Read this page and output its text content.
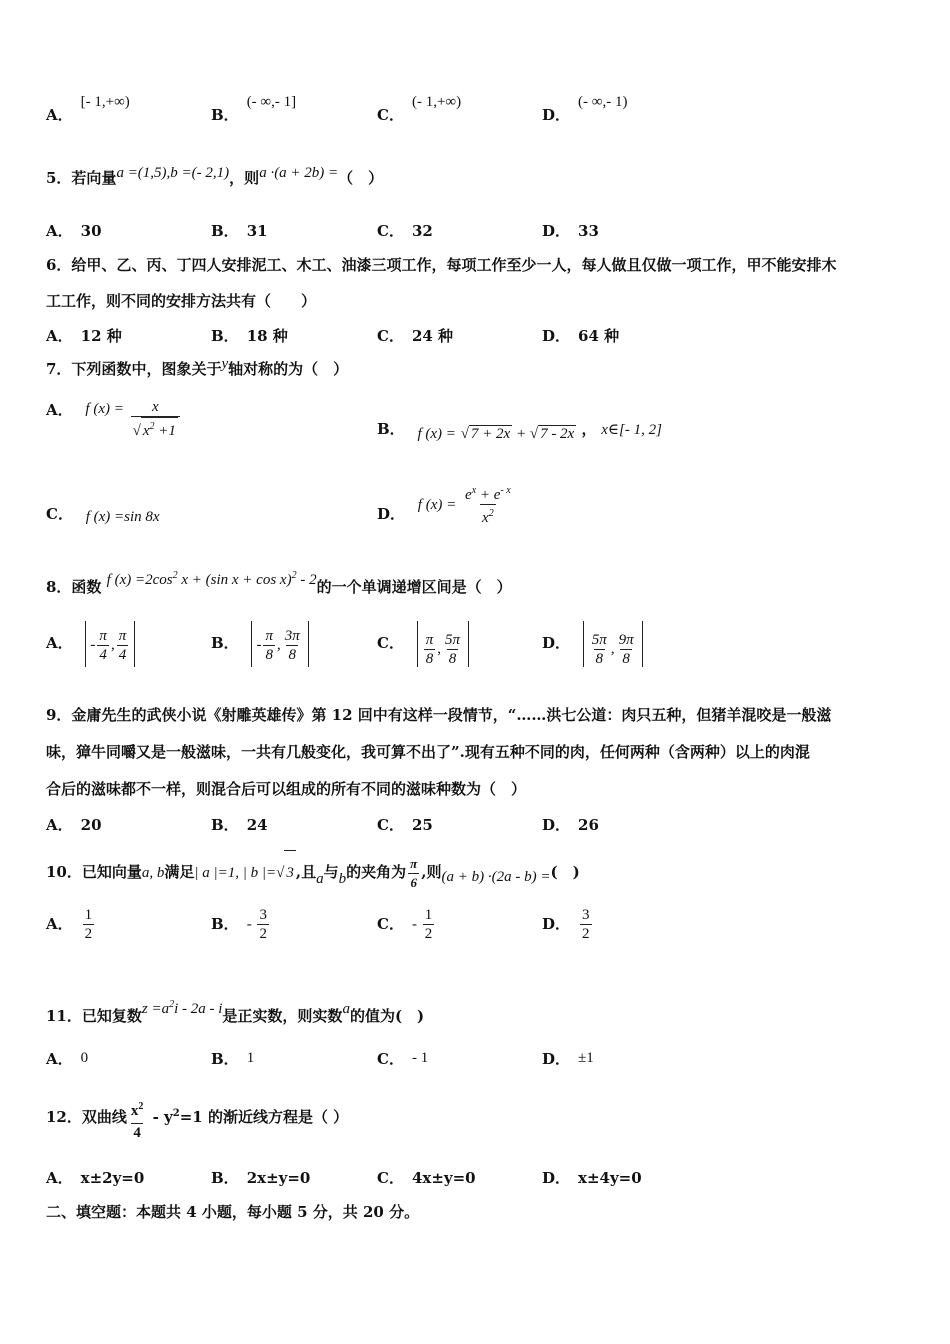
A．[- 1,+∞)
B．(- ∞,- 1]
C．(- 1,+∞)
D．(- ∞,- 1)
5．若向量a =(1,5),b =(- 2,1)，则a ·(a + 2b) =（　）
A． 30	B． 31	C． 32	D． 33
6．给甲、乙、丙、丁四人安排泥工、木工、油漆三项工作，每项工作至少一人，每人做且仅做一项工作，甲不能安排木
工工作，则不同的安排方法共有（　　）
A． 12 种	B． 18 种	C． 24 种	D． 64 种
7．下列函数中，图象关于y轴对称的为（　）
A． f $(x) = \frac{x}{√ x^2 +1}$	B． f (x) = √ 7 + 2x + √ 7 - 2x ， x∈[- 1, 2]
C． f (x) =sin 8x	D． f $(x) = \frac{e^x + e^{- x}}{x^2}$
8．函数 f $(x) =2\cos^2$ x + (sin x + cos x)$^2$ - 2的一个单调递增区间是（　）
A． - $\frac{\pi}{4}$ , $\frac{\pi}{4}$	B． - $\frac{\pi}{8}$ , $\frac{3\pi}{8}$	C． $\frac{\pi}{8}$ , $\frac{5\pi}{8}$	D． $\frac{5\pi}{8}$ , $\frac{9\pi}{8}$
9．金庸先生的武侠小说《射雕英雄传》第 12 回中有这样一段情节，“……洪七公道：肉只五种，但猪羊混咬是一般滋
味，獐牛同嚼又是一般滋味，一共有几般变化，我可算不出了”.现有五种不同的肉，任何两种（含两种）以上的肉混
合后的滋味都不一样，则混合后可以组成的所有不同的滋味种数为（　）
A． 20	B． 24	C． 25	D． 26
10．已知向量a, b满足| a |=1, | b |=√ 3 ,且a与b的夹角为 $\frac{\pi}{6}$ ,则(a + b) ·(2a - b) =(　)
A． $\frac{1}{2}$	B． - $\frac{3}{2}$	C． - $\frac{1}{2}$	D． $\frac{3}{2}$
11．已知复数$z =a^2i - 2a - i$是正实数，则实数a的值为(　)
A． 0	B． 1	C． - 1	D． ±1
12．双曲线 $\frac{x^2}{4} - y^2=1$ 的渐近线方程是（ ）
A． x±2y=0	B． 2x±y=0	C． 4x±y=0	D． x±4y=0
二、填空题：本题共 4 小题，每小题 5 分，共 20 分。
